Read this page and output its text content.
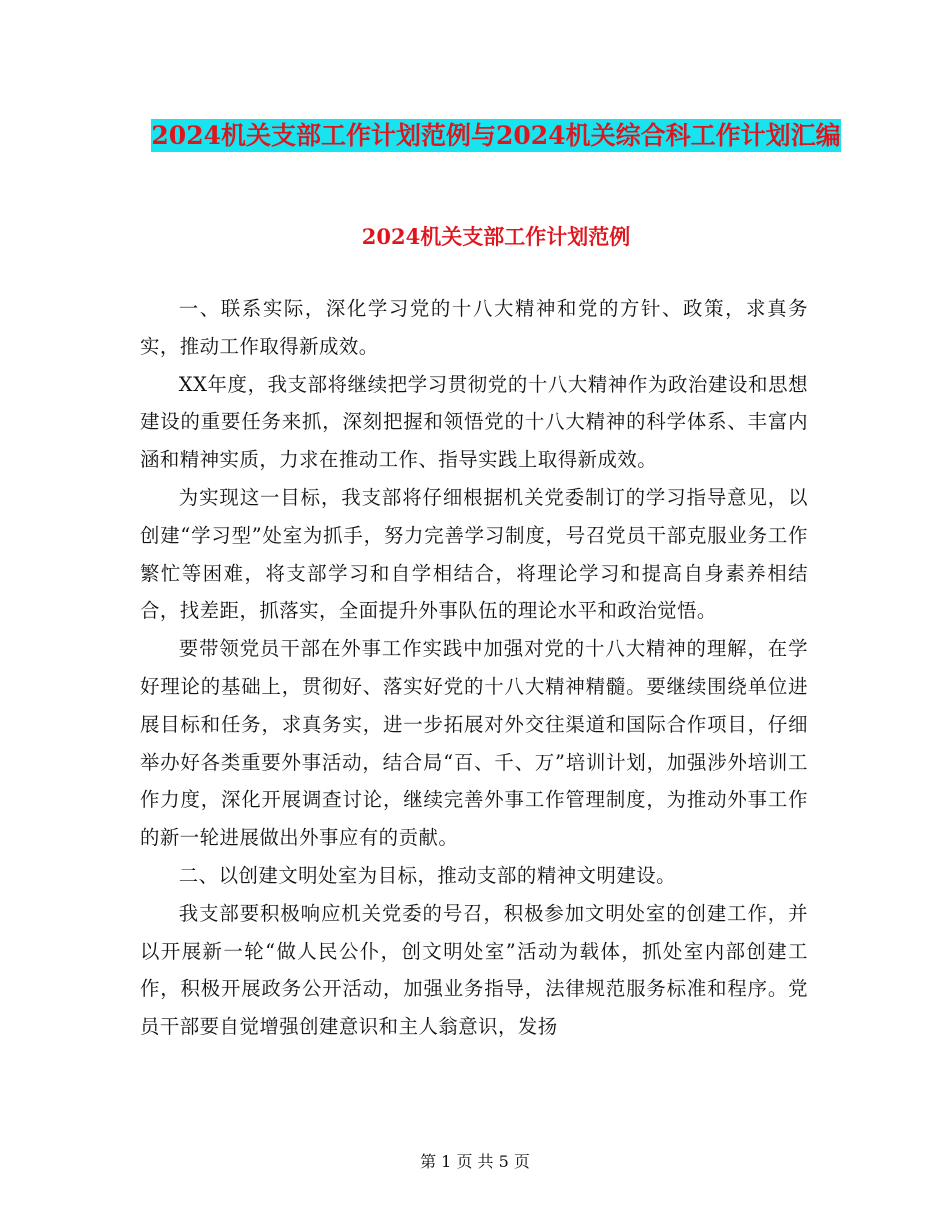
2024机关支部工作计划范例与2024机关综合科工作计划汇编
2024机关支部工作计划范例

一、联系实际，深化学习党的十八大精神和党的方针、政策，求真务实，推动工作取得新成效。

XX年度，我支部将继续把学习贯彻党的十八大精神作为政治建设和思想建设的重要任务来抓，深刻把握和领悟党的十八大精神的科学体系、丰富内涵和精神实质，力求在推动工作、指导实践上取得新成效。

为实现这一目标，我支部将仔细根据机关党委制订的学习指导意见，以创建“学习型”处室为抓手，努力完善学习制度，号召党员干部克服业务工作繁忙等困难，将支部学习和自学相结合，将理论学习和提高自身素养相结合，找差距，抓落实，全面提升外事队伍的理论水平和政治觉悟。

要带领党员干部在外事工作实践中加强对党的十八大精神的理解，在学好理论的基础上，贯彻好、落实好党的十八大精神精髓。要继续围绕单位进展目标和任务，求真务实，进一步拓展对外交往渠道和国际合作项目，仔细举办好各类重要外事活动，结合局“百、千、万”培训计划，加强涉外培训工作力度，深化开展调查讨论，继续完善外事工作管理制度，为推动外事工作的新一轮进展做出外事应有的贡献。

二、以创建文明处室为目标，推动支部的精神文明建设。

我支部要积极响应机关党委的号召，积极参加文明处室的创建工作，并以开展新一轮“做人民公仆，创文明处室”活动为载体，抓处室内部创建工作，积极开展政务公开活动，加强业务指导，法律规范服务标准和程序。党员干部要自觉增强创建意识和主人翁意识，发扬

第 1 页 共 5 页
